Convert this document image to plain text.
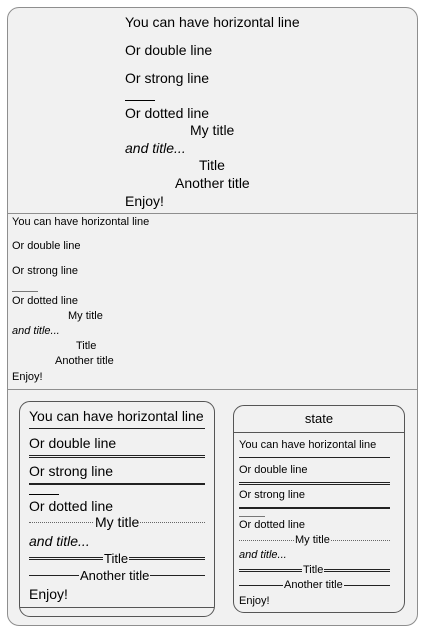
You can have horizontal line
Or double line
Or strong line
Or dotted line
My title
and title...
Title
Another title
Enjoy!
You can have horizontal line
Or double line
Or strong line
Or dotted line
My title
and title...
Title
Another title
Enjoy!
You can have horizontal line
Or double line
Or strong line
Or dotted line
My title
and title...
Title
Another title
Enjoy!
state
You can have horizontal line
Or double line
Or strong line
Or dotted line
My title
and title...
Title
Another title
Enjoy!
